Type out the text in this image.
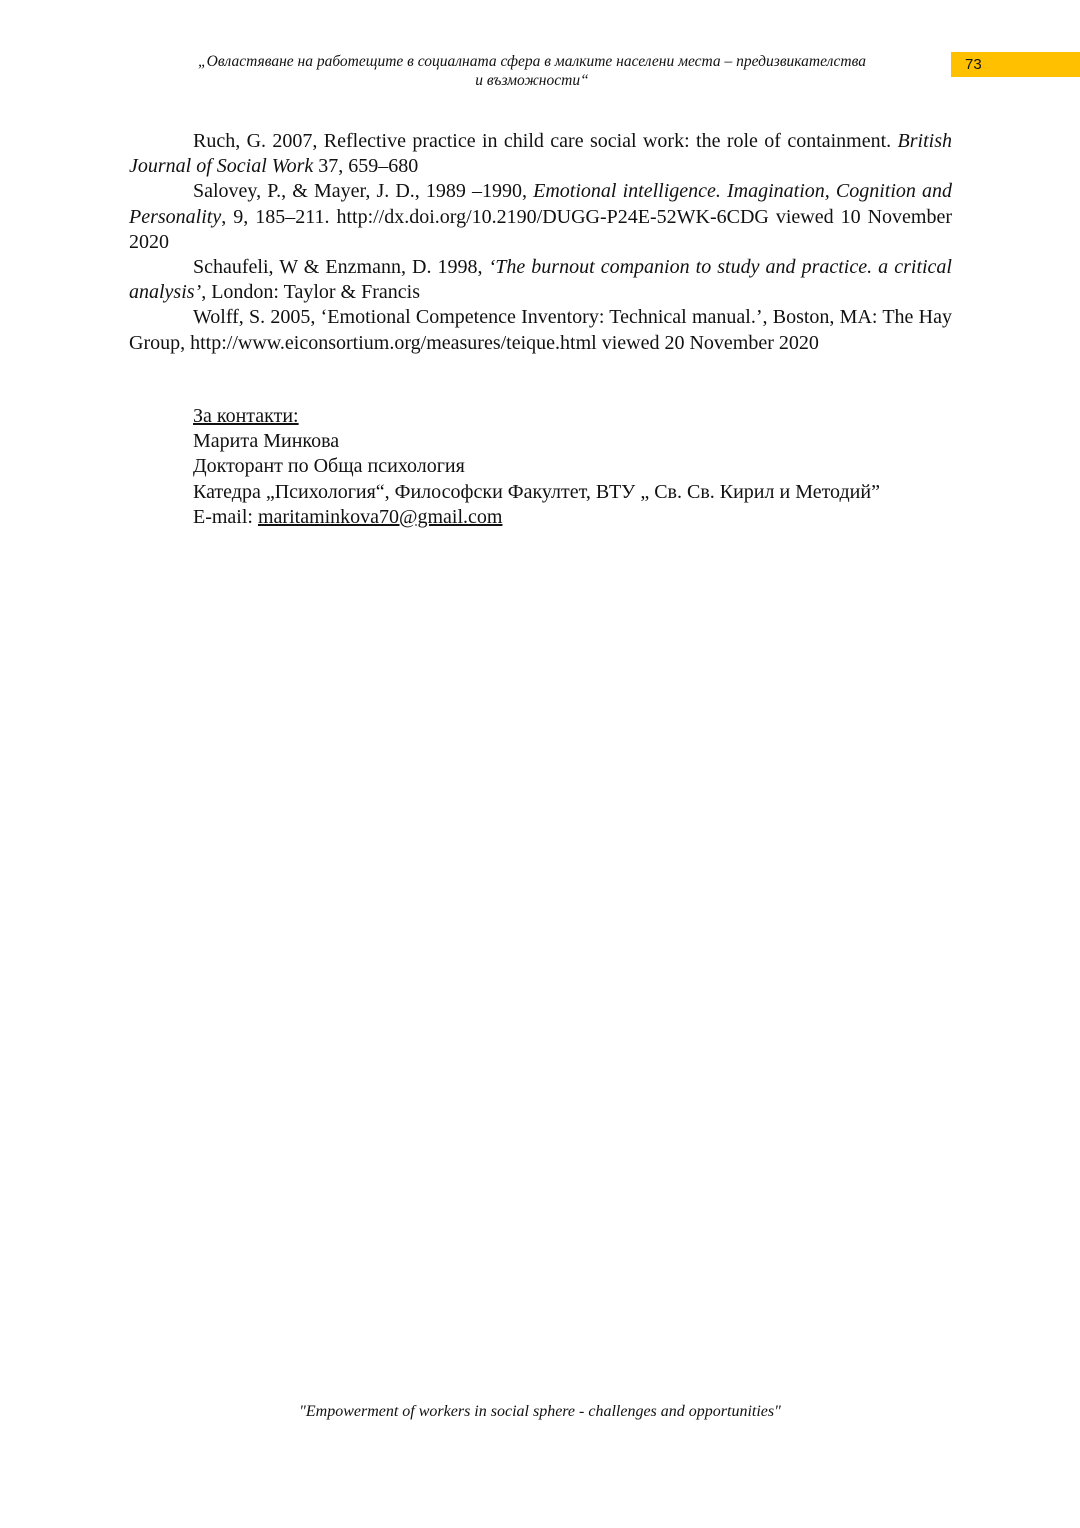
„Овластяване на работещите в социалната сфера в малките населени места – предизвикателства
и възможности“
73

Ruch, G. 2007, Reflective practice in child care social work: the role of containment. British Journal of Social Work 37, 659–680

Salovey, P., & Mayer, J. D., 1989 –1990, Emotional intelligence. Imagination, Cognition and Personality, 9, 185–211. http://dx.doi.org/10.2190/DUGG-P24E-52WK-6CDG viewed 10 November 2020

Schaufeli, W & Enzmann, D. 1998, ‘The burnout companion to study and practice. a critical analysis’, London: Taylor & Francis

Wolff, S. 2005, ‘Emotional Competence Inventory: Technical manual.’, Boston, MA: The Hay Group, http://www.eiconsortium.org/measures/teique.html viewed 20 November 2020

За контакти:
Марита Минкова
Докторант по Обща психология
Катедра „Психология“, Философски Факултет, ВТУ „ Св. Св. Кирил и Методий”
E-mail: maritaminkova70@gmail.com
"Empowerment of workers in social sphere - challenges and opportunities"
